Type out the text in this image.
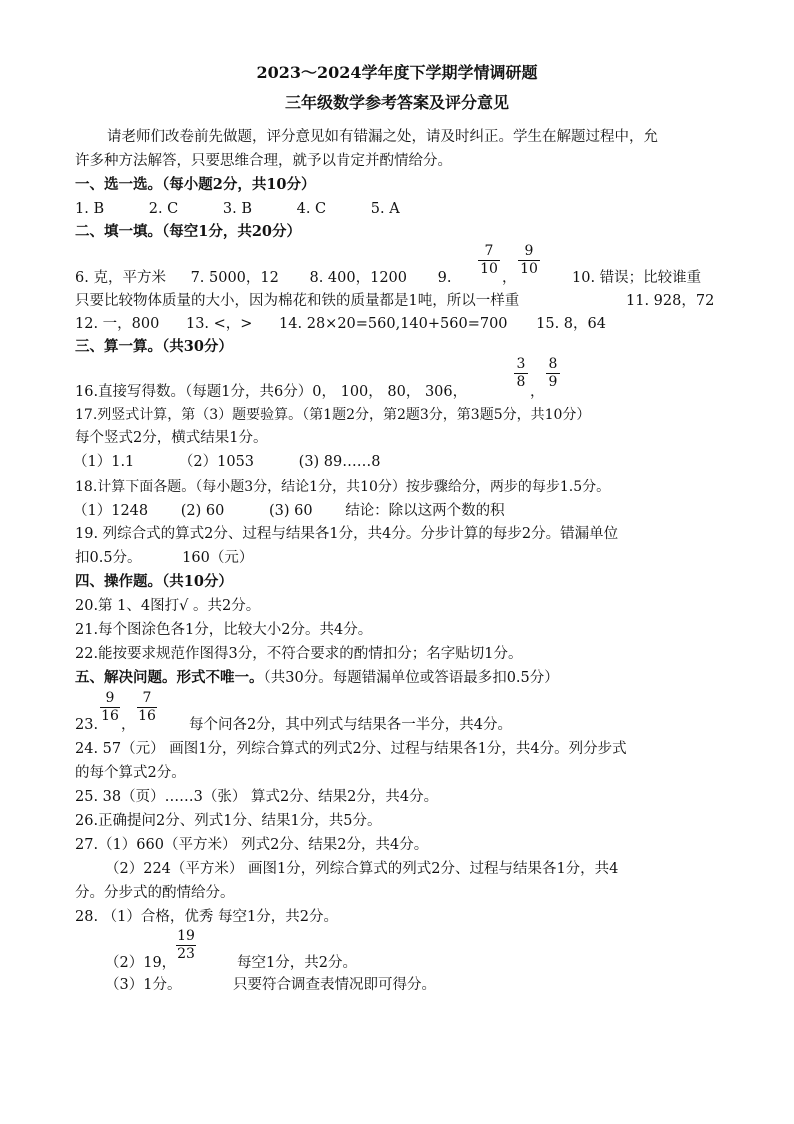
2023～2024学年度下学期学情调研题
三年级数学参考答案及评分意见
请老师们改卷前先做题，评分意见如有错漏之处，请及时纠正。学生在解题过程中，允
许多种方法解答，只要思维合理，就予以肯定并酌情给分。
一、选一选。（每小题2分，共10分）
1. B	2. C	3. B	4. C	5. A
二、填一填。（每空1分，共20分）
6. 克，平方米 7. 5000，12 8. 400，1200 9.
7
10
，
9
10
10. 错误；比较谁重
只要比较物体质量的大小，因为棉花和铁的质量都是1吨，所以一样重	11. 928，72
12. 一，800 13. <，> 14. 28×20=560,140+560=700 15. 8，64
三、算一算。（共30分）
16.直接写得数。（每题1分，共6分）0， 100， 80， 306，
3
8
，
8
9
17.列竖式计算，第（3）题要验算。（第1题2分，第2题3分，第3题5分，共10分）
每个竖式2分，横式结果1分。
（1）1.1	（2）1053	(3) 89……8
18.计算下面各题。（每小题3分，结论1分，共10分）按步骤给分，两步的每步1.5分。
（1）1248 (2) 60	(3) 60 结论：除以这两个数的积
19. 列综合式的算式2分、过程与结果各1分，共4分。分步计算的每步2分。错漏单位
扣0.5分。	160（元）
四、操作题。（共10分）
20.第 1、4图打√ 。共2分。
21.每个图涂色各1分，比较大小2分。共4分。
22.能按要求规范作图得3分，不符合要求的酌情扣分；名字贴切1分。
五、解决问题。形式不唯一。（共30分。每题错漏单位或答语最多扣0.5分）
23.
9
16
，
7
16
每个问各2分，其中列式与结果各一半分，共4分。
24. 57（元） 画图1分，列综合算式的列式2分、过程与结果各1分，共4分。列分步式
的每个算式2分。
25. 38（页）……3（张） 算式2分、结果2分，共4分。
26.正确提问2分、列式1分、结果1分，共5分。
27.（1）660（平方米） 列式2分、结果2分，共4分。
（2）224（平方米） 画图1分，列综合算式的列式2分、过程与结果各1分，共4
分。分步式的酌情给分。
28. （1）合格，优秀 每空1分，共2分。
（2）19，
19
23
每空1分，共2分。
（3）1分。	只要符合调查表情况即可得分。
